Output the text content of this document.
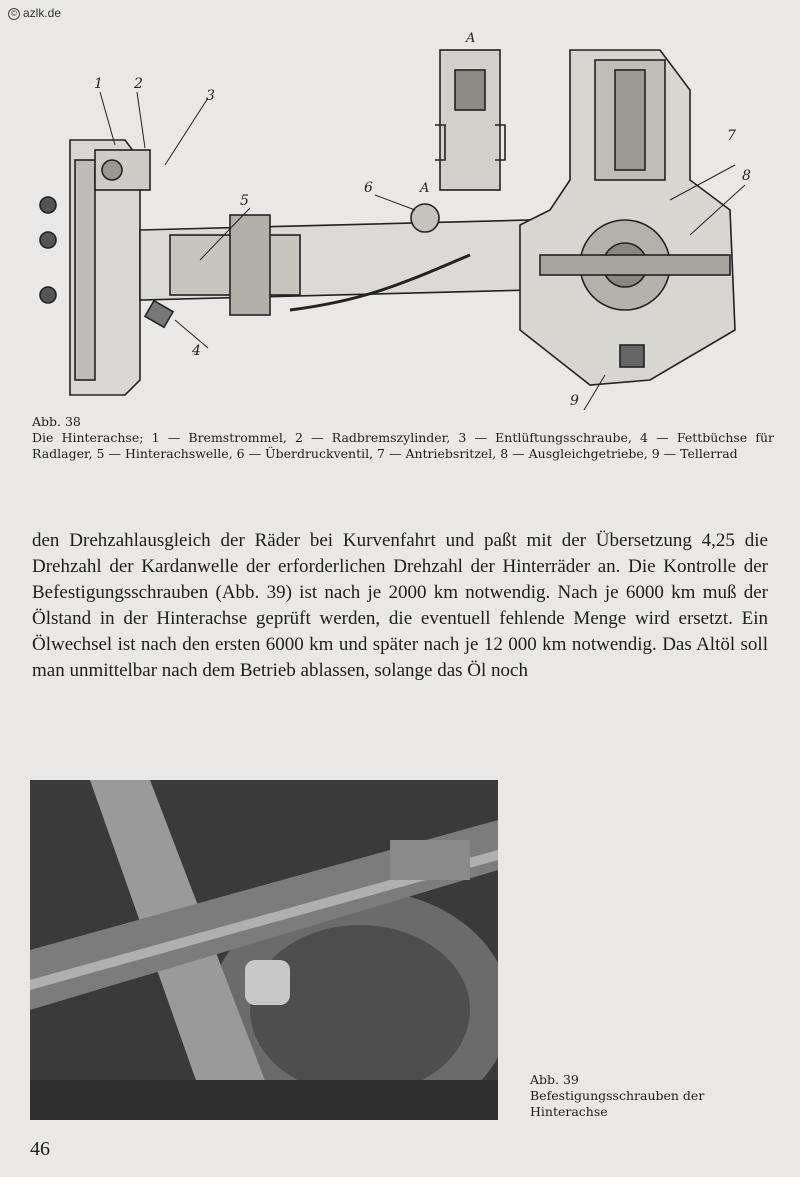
© azlk.de
1 2
3
5
4
6	A
A
7
8
9
Abb. 38
Die Hinterachse; 1 — Bremstrommel, 2 — Radbremszylinder, 3 — Entlüftungsschraube, 4 — Fettbüchse für Radlager, 5 — Hinterachswelle, 6 — Überdruckventil, 7 — Antriebsritzel, 8 — Ausgleichgetriebe, 9 — Tellerrad
den Drehzahlausgleich der Räder bei Kurvenfahrt und paßt mit der Übersetzung 4,25 die Drehzahl der Kardanwelle der erforderlichen Drehzahl der Hinterräder an. Die Kontrolle der Befestigungsschrauben (Abb. 39) ist nach je 2000 km notwendig. Nach je 6000 km muß der Ölstand in der Hinterachse geprüft werden, die eventuell fehlende Menge wird ersetzt. Ein Ölwechsel ist nach den ersten 6000 km und später nach je 12 000 km notwendig. Das Altöl soll man unmittelbar nach dem Betrieb ablassen, solange das Öl noch
Abb. 39
Befestigungsschrauben der Hinterachse
46
